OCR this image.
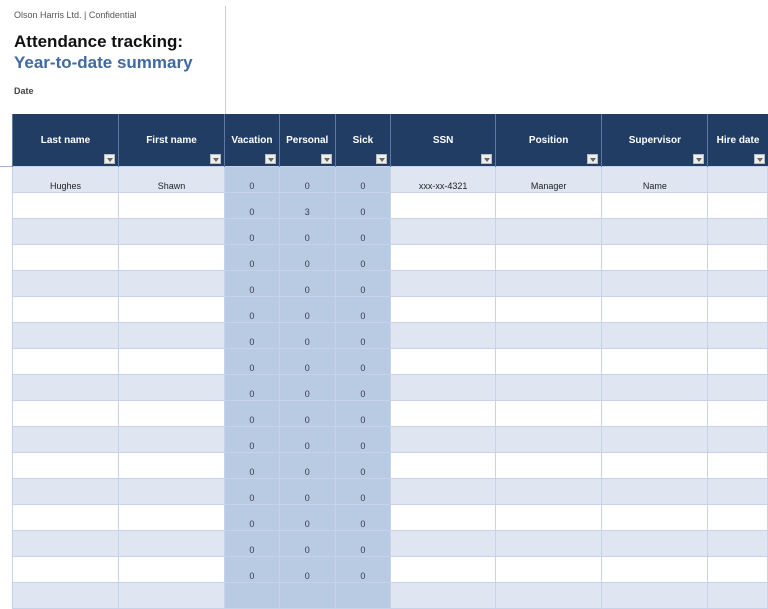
Olson Harris Ltd. | Confidential
Attendance tracking:
Year-to-date summary
Date
Last name	First name	Vacation	Personal	Sick	SSN	Position	Supervisor	Hire date

Hughes	Shawn	0	0	0	xxx-xx-4321	Manager	Name	

		0	3	0				

		0	0	0				

		0	0	0				

		0	0	0				

		0	0	0				

		0	0	0				

		0	0	0				

		0	0	0				

		0	0	0				

		0	0	0				

		0	0	0				

		0	0	0				

		0	0	0				

		0	0	0				

		0	0	0				
